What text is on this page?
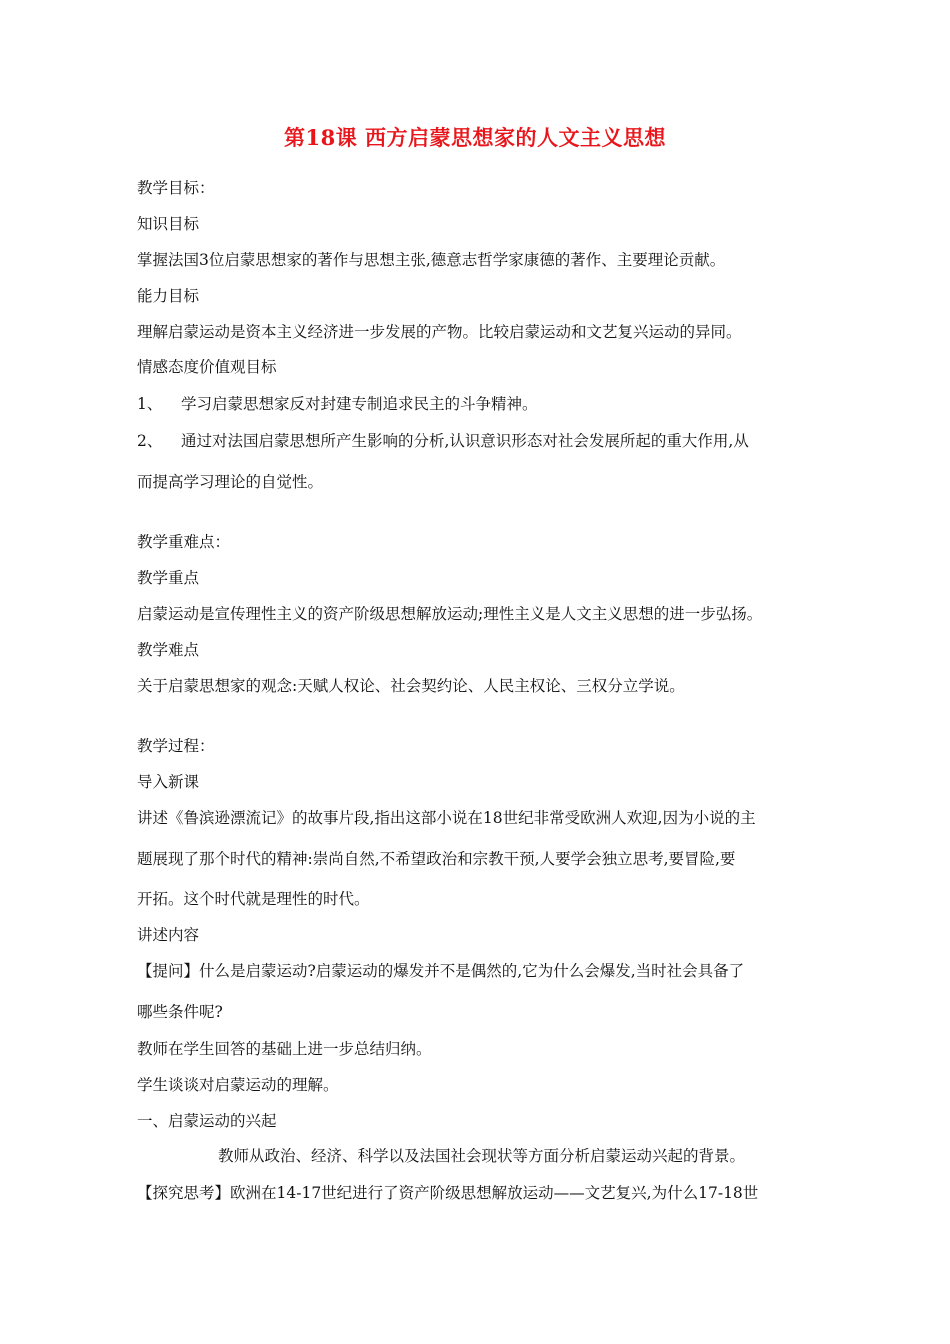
第18课 西方启蒙思想家的人文主义思想
教学目标：
知识目标
掌握法国3位启蒙思想家的著作与思想主张,德意志哲学家康德的著作、主要理论贡献。
能力目标
理解启蒙运动是资本主义经济进一步发展的产物。比较启蒙运动和文艺复兴运动的异同。
情感态度价值观目标
1、 学习启蒙思想家反对封建专制追求民主的斗争精神。
2、 通过对法国启蒙思想所产生影响的分析,认识意识形态对社会发展所起的重大作用,从
而提高学习理论的自觉性。
教学重难点：
教学重点
启蒙运动是宣传理性主义的资产阶级思想解放运动;理性主义是人文主义思想的进一步弘扬。
教学难点
关于启蒙思想家的观念:天赋人权论、社会契约论、人民主权论、三权分立学说。
教学过程：
导入新课
讲述《鲁滨逊漂流记》的故事片段,指出这部小说在18世纪非常受欧洲人欢迎,因为小说的主
题展现了那个时代的精神:崇尚自然,不希望政治和宗教干预,人要学会独立思考,要冒险,要
开拓。这个时代就是理性的时代。
讲述内容
【提问】什么是启蒙运动?启蒙运动的爆发并不是偶然的,它为什么会爆发,当时社会具备了
哪些条件呢?
教师在学生回答的基础上进一步总结归纳。
学生谈谈对启蒙运动的理解。
一、启蒙运动的兴起
教师从政治、经济、科学以及法国社会现状等方面分析启蒙运动兴起的背景。
【探究思考】欧洲在14-17世纪进行了资产阶级思想解放运动——文艺复兴,为什么17-18世
